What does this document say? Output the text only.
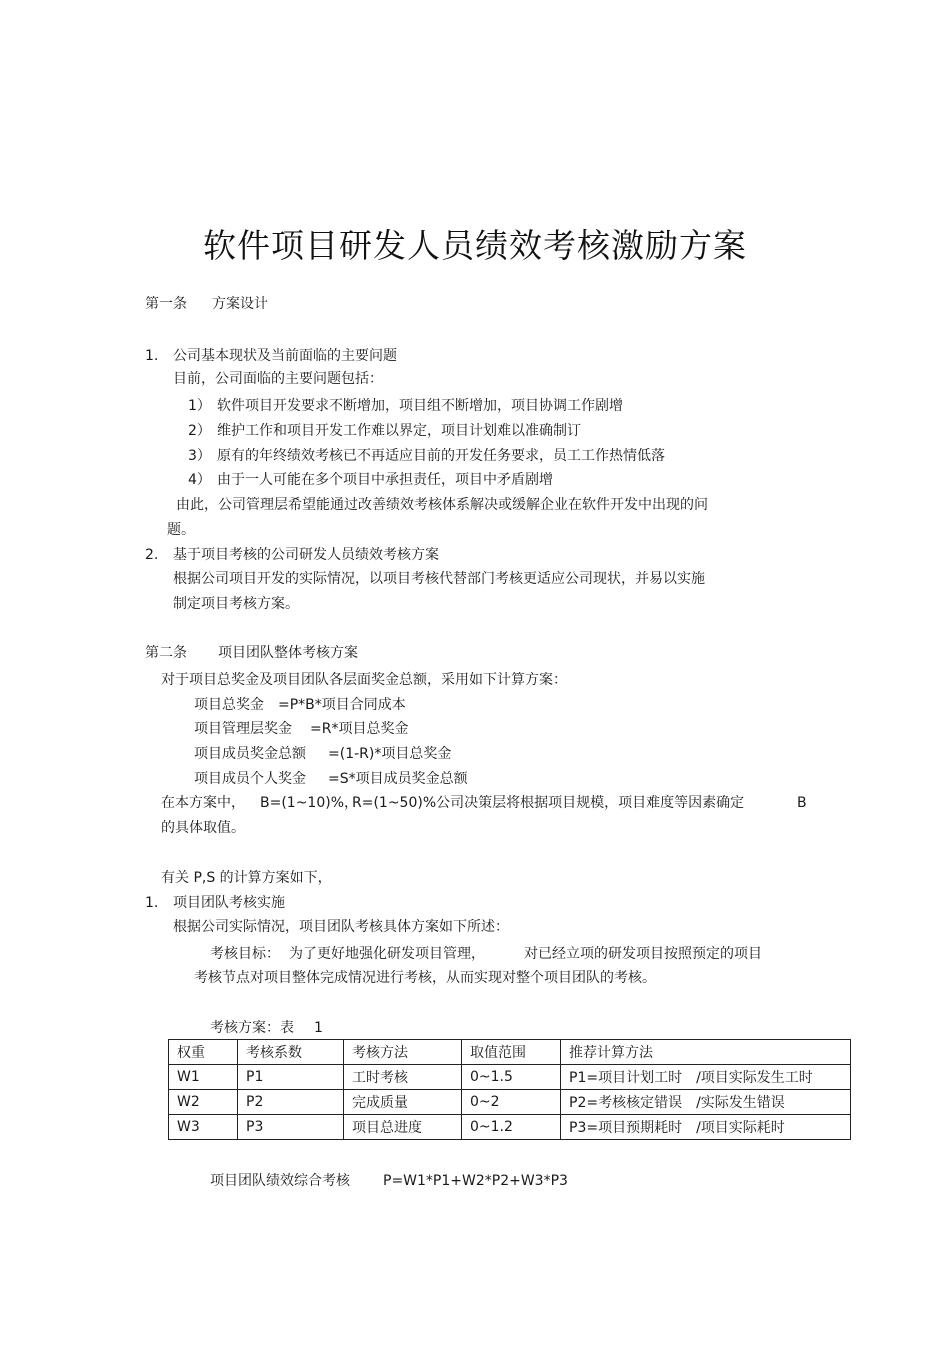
软件项目研发人员绩效考核激励方案
第一条 方案设计
1. 公司基本现状及当前面临的主要问题
目前，公司面临的主要问题包括：
1） 软件项目开发要求不断增加，项目组不断增加，项目协调工作剧增
2） 维护工作和项目开发工作难以界定，项目计划难以准确制订
3） 原有的年终绩效考核已不再适应目前的开发任务要求，员工工作热情低落
4） 由于一人可能在多个项目中承担责任，项目中矛盾剧增
由此，公司管理层希望能通过改善绩效考核体系解决或缓解企业在软件开发中出现的问
题。
2. 基于项目考核的公司研发人员绩效考核方案
根据公司项目开发的实际情况，以项目考核代替部门考核更适应公司现状，并易以实施
制定项目考核方案。
第二条 项目团队整体考核方案
对于项目总奖金及项目团队各层面奖金总额，采用如下计算方案：
项目总奖金 =P*B*项目合同成本
项目管理层奖金 =R*项目总奖金
项目成员奖金总额 =(1-R)*项目总奖金
项目成员个人奖金 =S*项目成员奖金总额
在本方案中， B=(1~10)%，
R=(1~50)%公司决策层将根据项目规模，项目难度等因素确定	B
的具体取值。
有关 P,S 的计算方案如下，
1. 项目团队考核实施
根据公司实际情况，项目团队考核具体方案如下所述：
考核目标： 为了更好地强化研发项目管理，	对已经立项的研发项目按照预定的项目
考核节点对项目整体完成情况进行考核，从而实现对整个项目团队的考核。
考核方案：表 1
权重	考核系数	考核方法	取值范围	推荐计算方法
W1	P1	工时考核	0~1.5	P1=项目计划工时　/项目实际发生工时
W2	P2	完成质量	0~2	P2=考核核定错误　/实际发生错误
W3	P3	项目总进度	0~1.2	P3=项目预期耗时　/项目实际耗时
项目团队绩效综合考核 P=W1*P1+W2*P2+W3*P3
